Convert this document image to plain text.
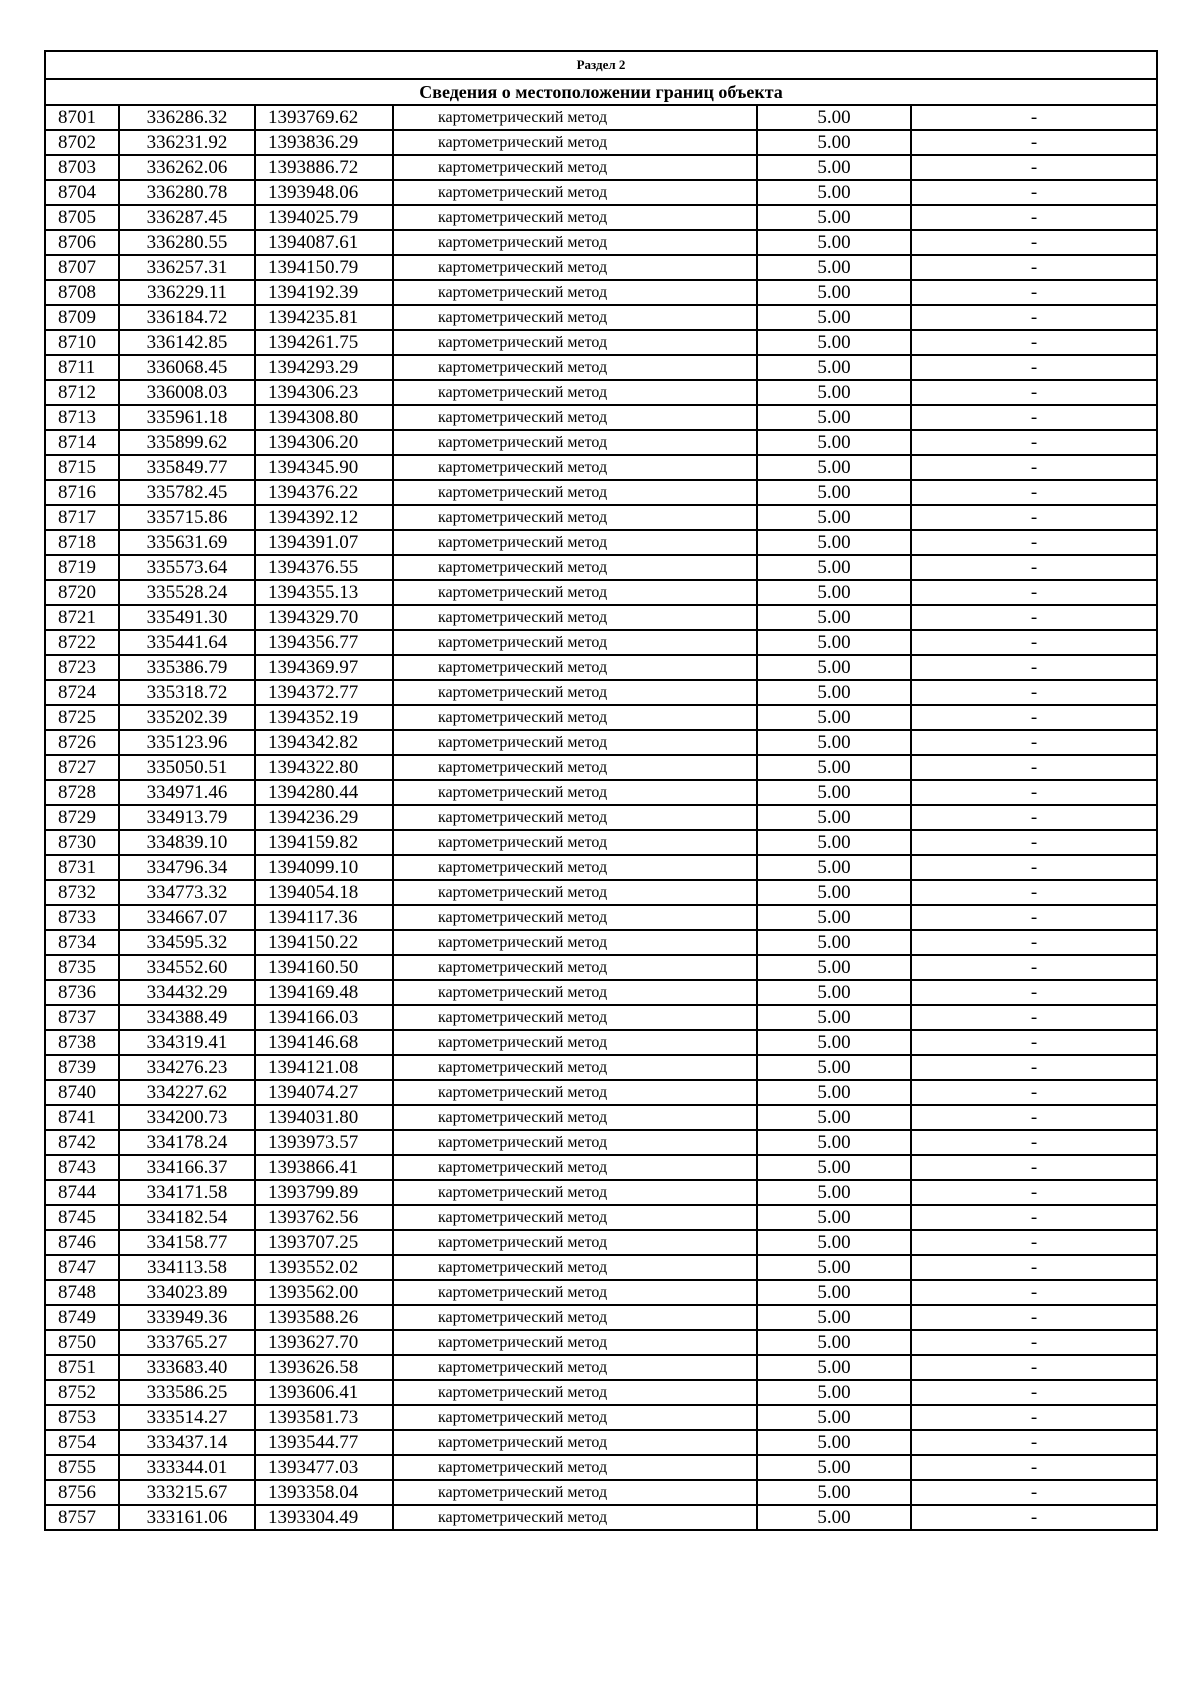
Раздел 2					
Сведения о местоположении границ объекта					
8701	336286.32	1393769.62	картометрический метод	5.00	-
8702	336231.92	1393836.29	картометрический метод	5.00	-
8703	336262.06	1393886.72	картометрический метод	5.00	-
8704	336280.78	1393948.06	картометрический метод	5.00	-
8705	336287.45	1394025.79	картометрический метод	5.00	-
8706	336280.55	1394087.61	картометрический метод	5.00	-
8707	336257.31	1394150.79	картометрический метод	5.00	-
8708	336229.11	1394192.39	картометрический метод	5.00	-
8709	336184.72	1394235.81	картометрический метод	5.00	-
8710	336142.85	1394261.75	картометрический метод	5.00	-
8711	336068.45	1394293.29	картометрический метод	5.00	-
8712	336008.03	1394306.23	картометрический метод	5.00	-
8713	335961.18	1394308.80	картометрический метод	5.00	-
8714	335899.62	1394306.20	картометрический метод	5.00	-
8715	335849.77	1394345.90	картометрический метод	5.00	-
8716	335782.45	1394376.22	картометрический метод	5.00	-
8717	335715.86	1394392.12	картометрический метод	5.00	-
8718	335631.69	1394391.07	картометрический метод	5.00	-
8719	335573.64	1394376.55	картометрический метод	5.00	-
8720	335528.24	1394355.13	картометрический метод	5.00	-
8721	335491.30	1394329.70	картометрический метод	5.00	-
8722	335441.64	1394356.77	картометрический метод	5.00	-
8723	335386.79	1394369.97	картометрический метод	5.00	-
8724	335318.72	1394372.77	картометрический метод	5.00	-
8725	335202.39	1394352.19	картометрический метод	5.00	-
8726	335123.96	1394342.82	картометрический метод	5.00	-
8727	335050.51	1394322.80	картометрический метод	5.00	-
8728	334971.46	1394280.44	картометрический метод	5.00	-
8729	334913.79	1394236.29	картометрический метод	5.00	-
8730	334839.10	1394159.82	картометрический метод	5.00	-
8731	334796.34	1394099.10	картометрический метод	5.00	-
8732	334773.32	1394054.18	картометрический метод	5.00	-
8733	334667.07	1394117.36	картометрический метод	5.00	-
8734	334595.32	1394150.22	картометрический метод	5.00	-
8735	334552.60	1394160.50	картометрический метод	5.00	-
8736	334432.29	1394169.48	картометрический метод	5.00	-
8737	334388.49	1394166.03	картометрический метод	5.00	-
8738	334319.41	1394146.68	картометрический метод	5.00	-
8739	334276.23	1394121.08	картометрический метод	5.00	-
8740	334227.62	1394074.27	картометрический метод	5.00	-
8741	334200.73	1394031.80	картометрический метод	5.00	-
8742	334178.24	1393973.57	картометрический метод	5.00	-
8743	334166.37	1393866.41	картометрический метод	5.00	-
8744	334171.58	1393799.89	картометрический метод	5.00	-
8745	334182.54	1393762.56	картометрический метод	5.00	-
8746	334158.77	1393707.25	картометрический метод	5.00	-
8747	334113.58	1393552.02	картометрический метод	5.00	-
8748	334023.89	1393562.00	картометрический метод	5.00	-
8749	333949.36	1393588.26	картометрический метод	5.00	-
8750	333765.27	1393627.70	картометрический метод	5.00	-
8751	333683.40	1393626.58	картометрический метод	5.00	-
8752	333586.25	1393606.41	картометрический метод	5.00	-
8753	333514.27	1393581.73	картометрический метод	5.00	-
8754	333437.14	1393544.77	картометрический метод	5.00	-
8755	333344.01	1393477.03	картометрический метод	5.00	-
8756	333215.67	1393358.04	картометрический метод	5.00	-
8757	333161.06	1393304.49	картометрический метод	5.00	-
